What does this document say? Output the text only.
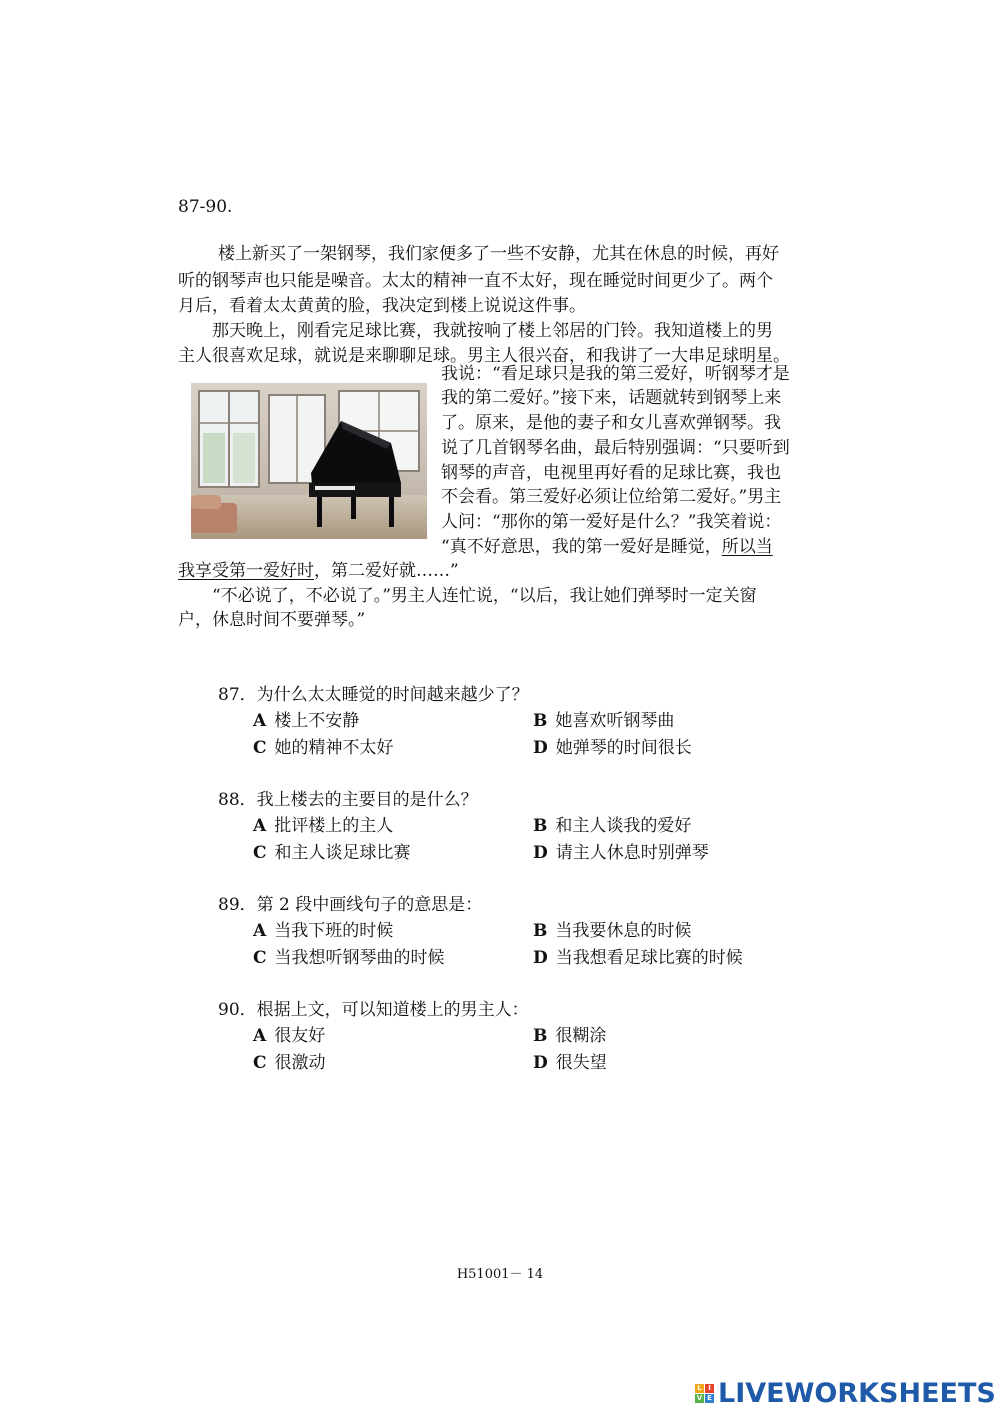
87-90.
楼上新买了一架钢琴，我们家便多了一些不安静，尤其在休息的时候，再好
听的钢琴声也只能是噪音。太太的精神一直不太好，现在睡觉时间更少了。两个
月后，看着太太黄黄的脸，我决定到楼上说说这件事。
那天晚上，刚看完足球比赛，我就按响了楼上邻居的门铃。我知道楼上的男
主人很喜欢足球，就说是来聊聊足球。男主人很兴奋，和我讲了一大串足球明星。
我说：“看足球只是我的第三爱好，听钢琴才是
我的第二爱好。”接下来，话题就转到钢琴上来
了。原来，是他的妻子和女儿喜欢弹钢琴。我
说了几首钢琴名曲，最后特别强调：“只要听到
钢琴的声音，电视里再好看的足球比赛，我也
不会看。第三爱好必须让位给第二爱好。”男主
人问：“那你的第一爱好是什么？”我笑着说：
“真不好意思，我的第一爱好是睡觉，所以当
我享受第一爱好时，第二爱好就……”
“不必说了，不必说了。”男主人连忙说，“以后，我让她们弹琴时一定关窗
户，休息时间不要弹琴。”
87．为什么太太睡觉的时间越来越少了？
A 楼上不安静	B 她喜欢听钢琴曲
C 她的精神不太好	D 她弹琴的时间很长
88．我上楼去的主要目的是什么？
A 批评楼上的主人	B 和主人谈我的爱好
C 和主人谈足球比赛	D 请主人休息时别弹琴
89．第 2 段中画线句子的意思是：
A 当我下班的时候	B 当我要休息的时候
C 当我想听钢琴曲的时候	D 当我想看足球比赛的时候
90．根据上文，可以知道楼上的男主人：
A 很友好	B 很糊涂
C 很激动	D 很失望
H51001－ 14
L I
V E LIVEWORKSHEETS
